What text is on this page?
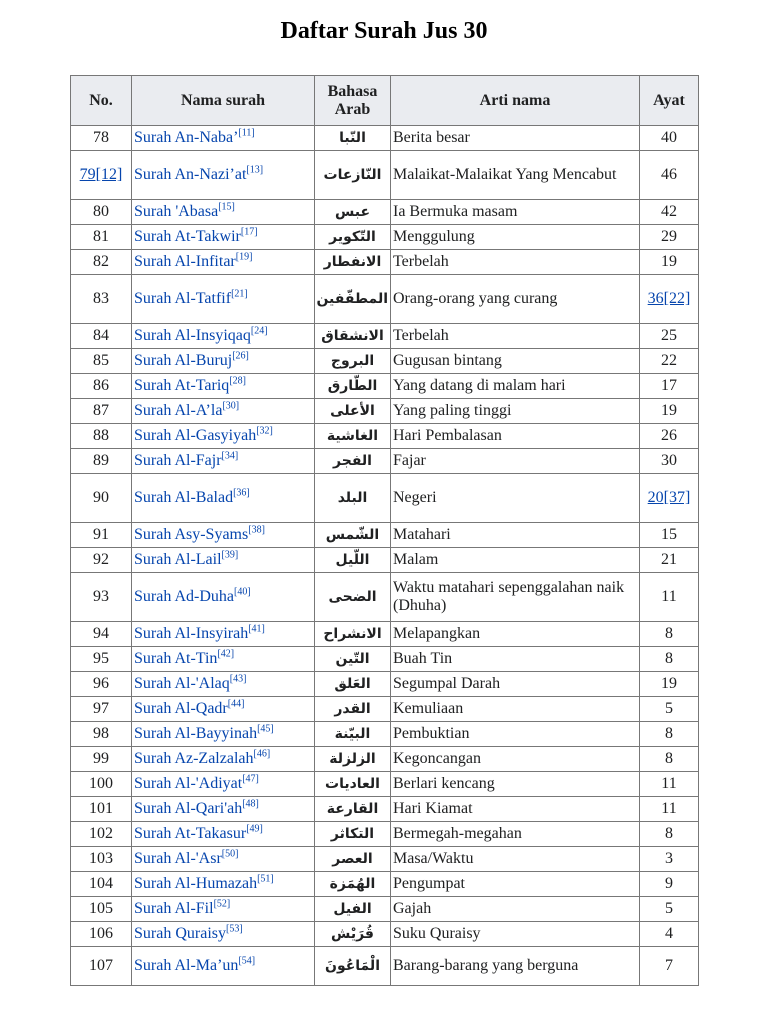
Daftar Surah Jus 30
No.	Nama surah	Bahasa Arab	Arti nama	Ayat
78	Surah An-Naba’[11]	النّبا	Berita besar	40
79[12]	Surah An-Nazi’at[13]	النّازعات	Malaikat-Malaikat Yang Mencabut	46
80	Surah 'Abasa[15]	عبس	Ia Bermuka masam	42
81	Surah At-Takwir[17]	التّكوير	Menggulung	29
82	Surah Al-Infitar[19]	الانفطار	Terbelah	19
83	Surah Al-Tatfif[21]	المطفّفين	Orang-orang yang curang	36[22]
84	Surah Al-Insyiqaq[24]	الانشقاق	Terbelah	25
85	Surah Al-Buruj[26]	البروج	Gugusan bintang	22
86	Surah At-Tariq[28]	الطّارق	Yang datang di malam hari	17
87	Surah Al-A’la[30]	الأعلى	Yang paling tinggi	19
88	Surah Al-Gasyiyah[32]	الغاشية	Hari Pembalasan	26
89	Surah Al-Fajr[34]	الفجر	Fajar	30
90	Surah Al-Balad[36]	البلد	Negeri	20[37]
91	Surah Asy-Syams[38]	الشّمس	Matahari	15
92	Surah Al-Lail[39]	اللّيل	Malam	21
93	Surah Ad-Duha[40]	الضحى	Waktu matahari sepenggalahan naik (Dhuha)	11
94	Surah Al-Insyirah[41]	الانشراح	Melapangkan	8
95	Surah At-Tin[42]	التّين	Buah Tin	8
96	Surah Al-'Alaq[43]	العَلق	Segumpal Darah	19
97	Surah Al-Qadr[44]	القدر	Kemuliaan	5
98	Surah Al-Bayyinah[45]	البيّنة	Pembuktian	8
99	Surah Az-Zalzalah[46]	الزلزلة	Kegoncangan	8
100	Surah Al-'Adiyat[47]	العاديات	Berlari kencang	11
101	Surah Al-Qari'ah[48]	القارعة	Hari Kiamat	11
102	Surah At-Takasur[49]	التكاثر	Bermegah-megahan	8
103	Surah Al-'Asr[50]	العصر	Masa/Waktu	3
104	Surah Al-Humazah[51]	الهُمَزة	Pengumpat	9
105	Surah Al-Fil[52]	الفيل	Gajah	5
106	Surah Quraisy[53]	قُرَيْش	Suku Quraisy	4
107	Surah Al-Ma’un[54]	الْمَاعُونَ	Barang-barang yang berguna	7
